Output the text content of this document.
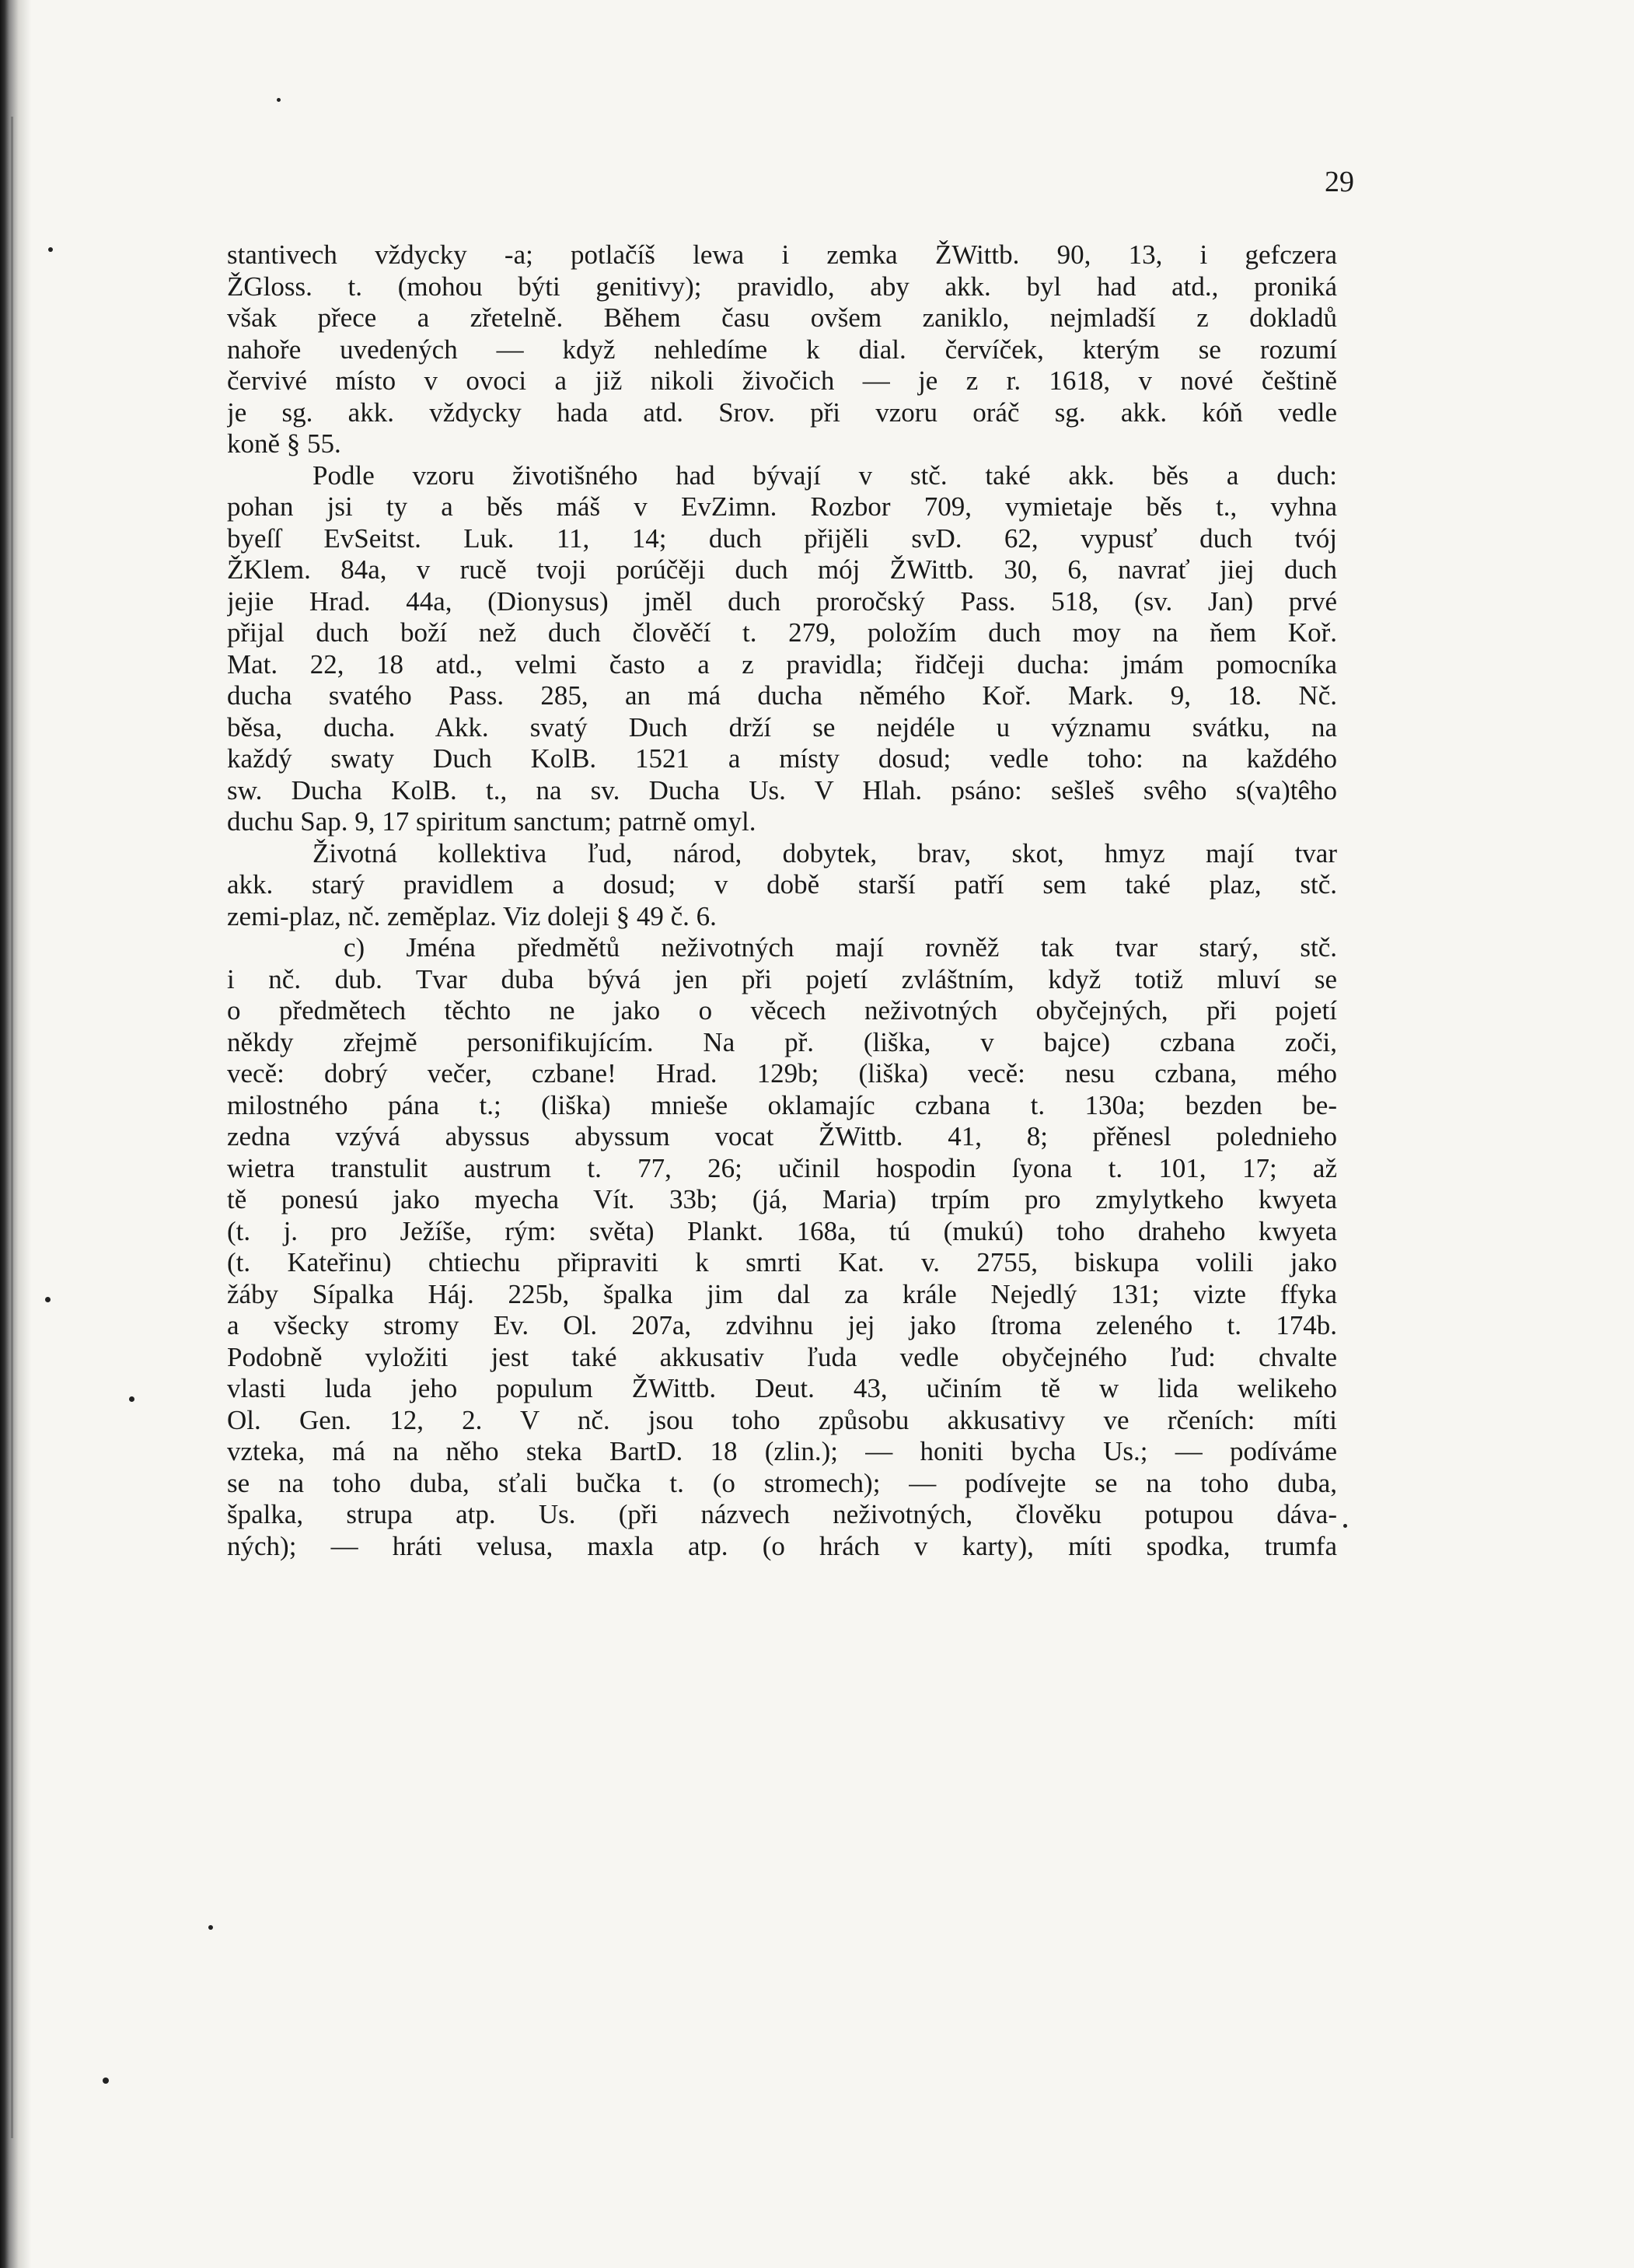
29
stantivech vždycky -a; potlačíš lewa i zemka ŽWittb. 90, 13, i gefczera
ŽGloss. t. (mohou býti genitivy); pravidlo, aby akk. byl had atd., proniká
však přece a zřetelně. Během času ovšem zaniklo, nejmladší z dokladů
nahoře uvedených — když nehledíme k dial. červíček, kterým se rozumí
červivé místo v ovoci a již nikoli živočich — je z r. 1618, v nové češtině
je sg. akk. vždycky hada atd. Srov. při vzoru oráč sg. akk. kóň vedle
koně § 55.
Podle vzoru životišného had bývají v stč. také akk. běs a duch:
pohan jsi ty a běs máš v EvZimn. Rozbor 709, vymietaje běs t., vyhna
byeſſ EvSeitst. Luk. 11, 14; duch přijěli svD. 62, vypusť duch tvój
ŽKlem. 84a, v rucě tvoji porúčěji duch mój ŽWittb. 30, 6, navrať jiej duch
jejie Hrad. 44a, (Dionysus) jměl duch proročský Pass. 518, (sv. Jan) prvé
přijal duch boží než duch člověčí t. 279, položím duch moy na ňem Koř.
Mat. 22, 18 atd., velmi často a z pravidla; řidčeji ducha: jmám pomocníka
ducha svatého Pass. 285, an má ducha němého Koř. Mark. 9, 18. Nč.
běsa, ducha. Akk. svatý Duch drží se nejdéle u významu svátku, na
každý swaty Duch KolB. 1521 a místy dosud; vedle toho: na každého
sw. Ducha KolB. t., na sv. Ducha Us. V Hlah. psáno: sešleš svêho s(va)têho
duchu Sap. 9, 17 spiritum sanctum; patrně omyl.
Životná kollektiva ľud, národ, dobytek, brav, skot, hmyz mají tvar
akk. starý pravidlem a dosud; v době starší patří sem také plaz, stč.
zemi-plaz, nč. zeměplaz. Viz doleji § 49 č. 6.
c) Jména předmětů neživotných mají rovněž tak tvar starý, stč.
i nč. dub. Tvar duba bývá jen při pojetí zvláštním, když totiž mluví se
o předmětech těchto ne jako o věcech neživotných obyčejných, při pojetí
někdy zřejmě personifikujícím. Na př. (liška, v bajce) czbana zoči,
vecě: dobrý večer, czbane! Hrad. 129b; (liška) vecě: nesu czbana, mého
milostného pána t.; (liška) mnieše oklamajíc czbana t. 130a; bezden be-
zedna vzývá abyssus abyssum vocat ŽWittb. 41, 8; přěnesl polednieho
wietra transtulit austrum t. 77, 26; učinil hospodin ſyona t. 101, 17; až
tě ponesú jako myecha Vít. 33b; (já, Maria) trpím pro zmylytkeho kwyeta
(t. j. pro Ježíše, rým: světa) Plankt. 168a, tú (mukú) toho draheho kwyeta
(t. Kateřinu) chtiechu připraviti k smrti Kat. v. 2755, biskupa volili jako
žáby Sípalka Háj. 225b, špalka jim dal za krále Nejedlý 131; vizte ffyka
a všecky stromy Ev. Ol. 207a, zdvihnu jej jako ſtroma zeleného t. 174b.
Podobně vyložiti jest také akkusativ ľuda vedle obyčejného ľud: chvalte
vlasti luda jeho populum ŽWittb. Deut. 43, učiním tě w lida welikeho
Ol. Gen. 12, 2. V nč. jsou toho způsobu akkusativy ve rčeních: míti
vzteka, má na něho steka BartD. 18 (zlin.); — honiti bycha Us.; — podíváme
se na toho duba, sťali bučka t. (o stromech); — podívejte se na toho duba,
špalka, strupa atp. Us. (při názvech neživotných, člověku potupou dáva-
ných); — hráti velusa, maxla atp. (o hrách v karty), míti spodka, trumfa
